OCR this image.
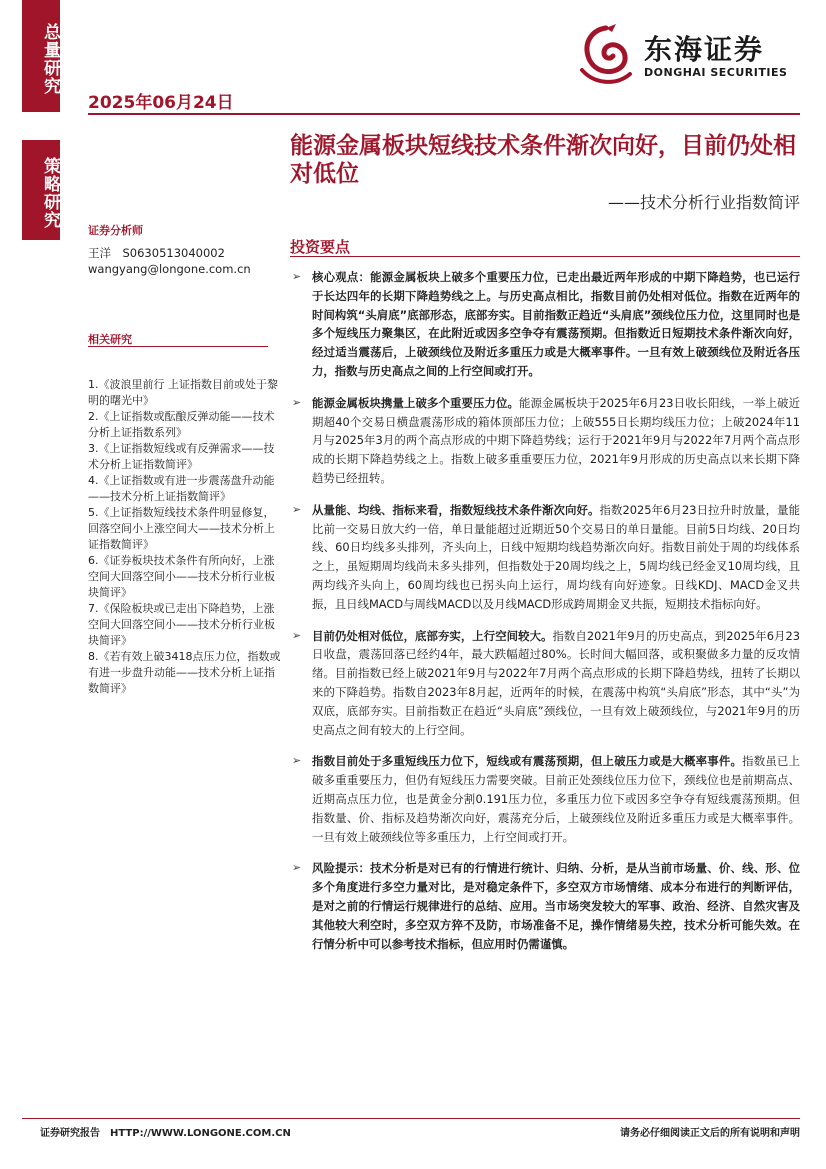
总量研究
策略研究
2025年06月24日
东海证券
DONGHAI SECURITIES
能源金属板块短线技术条件渐次向好，目前仍处相对低位
——技术分析行业指数简评
证券分析师
王洋　S0630513040002
wangyang@longone.com.cn
相关研究
1.《波浪里前行 上证指数目前或处于黎明的曙光中》
2.《上证指数或酝酿反弹动能——技术分析上证指数系列》
3.《上证指数短线或有反弹需求——技术分析上证指数简评》
4.《上证指数或有进一步震荡盘升动能——技术分析上证指数简评》
5.《上证指数短线技术条件明显修复，回落空间小上涨空间大——技术分析上证指数简评》
6.《证券板块技术条件有所向好，上涨空间大回落空间小——技术分析行业板块简评》
7.《保险板块或已走出下降趋势，上涨空间大回落空间小——技术分析行业板块简评》
8.《若有效上破3418点压力位，指数或有进一步盘升动能——技术分析上证指数简评》
投资要点
➢ 核心观点：能源金属板块上破多个重要压力位，已走出最近两年形成的中期下降趋势，也已运行于长达四年的长期下降趋势线之上。与历史高点相比，指数目前仍处相对低位。指数在近两年的时间构筑“头肩底”底部形态，底部夯实。目前指数正趋近“头肩底”颈线位压力位，这里同时也是多个短线压力聚集区，在此附近或因多空争夺有震荡预期。但指数近日短期技术条件渐次向好，经过适当震荡后，上破颈线位及附近多重压力或是大概率事件。一旦有效上破颈线位及附近各压力，指数与历史高点之间的上行空间或打开。
➢ 能源金属板块携量上破多个重要压力位。能源金属板块于2025年6月23日收长阳线，一举上破近期超40个交易日横盘震荡形成的箱体顶部压力位；上破555日长期均线压力位；上破2024年11月与2025年3月的两个高点形成的中期下降趋势线；运行于2021年9月与2022年7月两个高点形成的长期下降趋势线之上。指数上破多重重要压力位，2021年9月形成的历史高点以来长期下降趋势已经扭转。
➢ 从量能、均线、指标来看，指数短线技术条件渐次向好。指数2025年6月23日拉升时放量，量能比前一交易日放大约一倍，单日量能超过近期近50个交易日的单日量能。目前5日均线、20日均线、60日均线多头排列，齐头向上，日线中短期均线趋势渐次向好。指数目前处于周的均线体系之上，虽短期周均线尚未多头排列，但指数处于20周均线之上，5周均线已经金叉10周均线，且两均线齐头向上，60周均线也已拐头向上运行，周均线有向好迹象。日线KDJ、MACD金叉共振，且日线MACD与周线MACD以及月线MACD形成跨周期金叉共振，短期技术指标向好。
➢ 目前仍处相对低位，底部夯实，上行空间较大。指数自2021年9月的历史高点，到2025年6月23日收盘，震荡回落已经约4年，最大跌幅超过80%。长时间大幅回落，或积聚做多力量的反攻情绪。目前指数已经上破2021年9月与2022年7月两个高点形成的长期下降趋势线，扭转了长期以来的下降趋势。指数自2023年8月起，近两年的时候，在震荡中构筑“头肩底”形态，其中“头”为双底，底部夯实。目前指数正在趋近“头肩底”颈线位，一旦有效上破颈线位，与2021年9月的历史高点之间有较大的上行空间。
➢ 指数目前处于多重短线压力位下，短线或有震荡预期，但上破压力或是大概率事件。指数虽已上破多重重要压力，但仍有短线压力需要突破。目前正处颈线位压力位下，颈线位也是前期高点、近期高点压力位，也是黄金分割0.191压力位，多重压力位下或因多空争夺有短线震荡预期。但指数量、价、指标及趋势渐次向好，震荡充分后，上破颈线位及附近多重压力或是大概率事件。一旦有效上破颈线位等多重压力，上行空间或打开。
➢ 风险提示：技术分析是对已有的行情进行统计、归纳、分析，是从当前市场量、价、线、形、位多个角度进行多空力量对比，是对稳定条件下，多空双方市场情绪、成本分布进行的判断评估，是对之前的行情运行规律进行的总结、应用。当市场突发较大的军事、政治、经济、自然灾害及其他较大利空时，多空双方猝不及防，市场准备不足，操作情绪易失控，技术分析可能失效。在行情分析中可以参考技术指标，但应用时仍需谨慎。
证券研究报告　HTTP://WWW.LONGONE.COM.CN	请务必仔细阅读正文后的所有说明和声明
